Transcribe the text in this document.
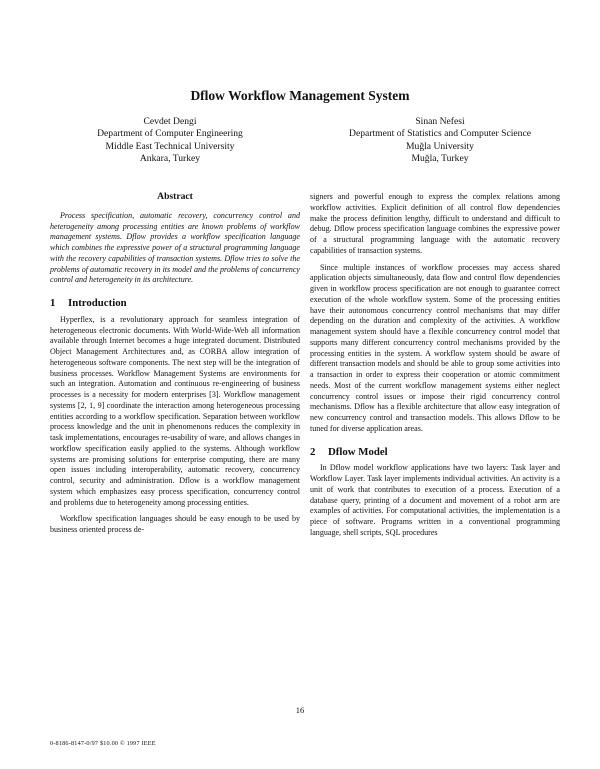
Dflow Workflow Management System
Cevdet Dengi
Department of Computer Engineering
Middle East Technical University
Ankara, Turkey
Sinan Nefesi
Department of Statistics and Computer Science
Muğla University
Muğla, Turkey
Abstract

Process specification, automatic recovery, concurrency control and heterogeneity among processing entities are known problems of workflow management systems. Dflow provides a workflow specification language which combines the expressive power of a structural programming language with the recovery capabilities of transaction systems. Dflow tries to solve the problems of automatic recovery in its model and the problems of concurrency control and heterogeneity in its architecture.

1 Introduction

Hyperflex, is a revolutionary approach for seamless integration of heterogeneous electronic documents. With World-Wide-Web all information available through Internet becomes a huge integrated document. Distributed Object Management Architectures and, as CORBA allow integration of heterogeneous software components. The next step will be the integration of business processes. Workflow Management Systems are environments for such an integration. Automation and continuous re-engineering of business processes is a necessity for modern enterprises [3]. Workflow management systems [2, 1, 9] coordinate the interaction among heterogeneous processing entities according to a workflow specification. Separation between workflow process knowledge and the unit in phenomenons reduces the complexity in task implementations, encourages re-usability of ware, and allows changes in workflow specification easily applied to the systems. Although workflow systems are promising solutions for enterprise computing, there are many open issues including interoperability, automatic recovery, concurrency control, security and administration. Dflow is a workflow management system which emphasizes easy process specification, concurrency control and problems due to heterogeneity among processing entities.

Workflow specification languages should be easy enough to be used by business oriented process de-

signers and powerful enough to express the complex relations among workflow activities. Explicit definition of all control flow dependencies make the process definition lengthy, difficult to understand and difficult to debug. Dflow process specification language combines the expressive power of a structural programming language with the automatic recovery capabilities of transaction systems.

Since multiple instances of workflow processes may access shared application objects simultaneously, data flow and control flow dependencies given in workflow process specification are not enough to guarantee correct execution of the whole workflow system. Some of the processing entities have their autonomous concurrency control mechanisms that may differ depending on the duration and complexity of the activities. A workflow management system should have a flexible concurrency control model that supports many different concurrency control mechanisms provided by the processing entities in the system. A workflow system should be aware of different transaction models and should be able to group some activities into a transaction in order to express their cooperation or atomic commitment needs. Most of the current workflow management systems either neglect concurrency control issues or impose their rigid concurrency control mechanisms. Dflow has a flexible architecture that allow easy integration of new concurrency control and transaction models. This allows Dflow to be tuned for diverse application areas.

2 Dflow Model

In Dflow model workflow applications have two layers: Task layer and Workflow Layer. Task layer implements individual activities. An activity is a unit of work that contributes to execution of a process. Execution of a database query, printing of a document and movement of a robot arm are examples of activities. For computational activities, the implementation is a piece of software. Programs written in a conventional programming language, shell scripts, SQL procedures

16
0-8186-8147-0/97 $10.00 © 1997 IEEE
